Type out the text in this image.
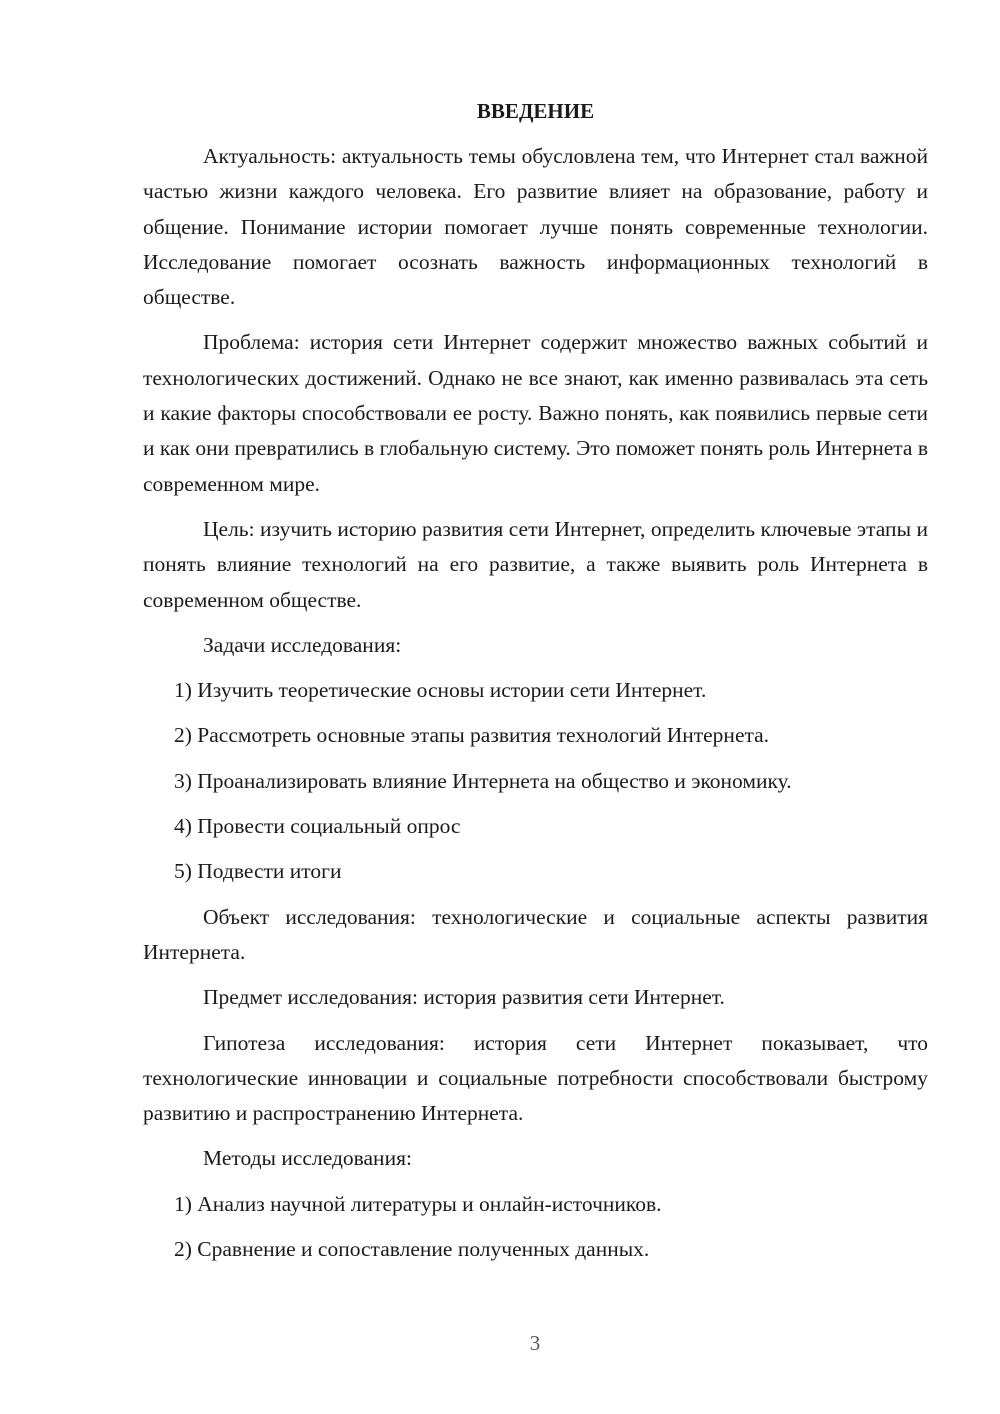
ВВЕДЕНИЕ

Актуальность: актуальность темы обусловлена тем, что Интернет стал важной частью жизни каждого человека. Его развитие влияет на образование, работу и общение. Понимание истории помогает лучше понять современные технологии. Исследование помогает осознать важность информационных технологий в обществе.

Проблема: история сети Интернет содержит множество важных событий и технологических достижений. Однако не все знают, как именно развивалась эта сеть и какие факторы способствовали ее росту. Важно понять, как появились первые сети и как они превратились в глобальную систему. Это поможет понять роль Интернета в современном мире.

Цель: изучить историю развития сети Интернет, определить ключевые этапы и понять влияние технологий на его развитие, а также выявить роль Интернета в современном обществе.

Задачи исследования:

1) Изучить теоретические основы истории сети Интернет.

2) Рассмотреть основные этапы развития технологий Интернета.

3) Проанализировать влияние Интернета на общество и экономику.

4) Провести социальный опрос

5) Подвести итоги

Объект исследования: технологические и социальные аспекты развития Интернета.

Предмет исследования: история развития сети Интернет.

Гипотеза исследования: история сети Интернет показывает, что технологические инновации и социальные потребности способствовали быстрому развитию и распространению Интернета.

Методы исследования:

1) Анализ научной литературы и онлайн-источников.

2) Сравнение и сопоставление полученных данных.

3
